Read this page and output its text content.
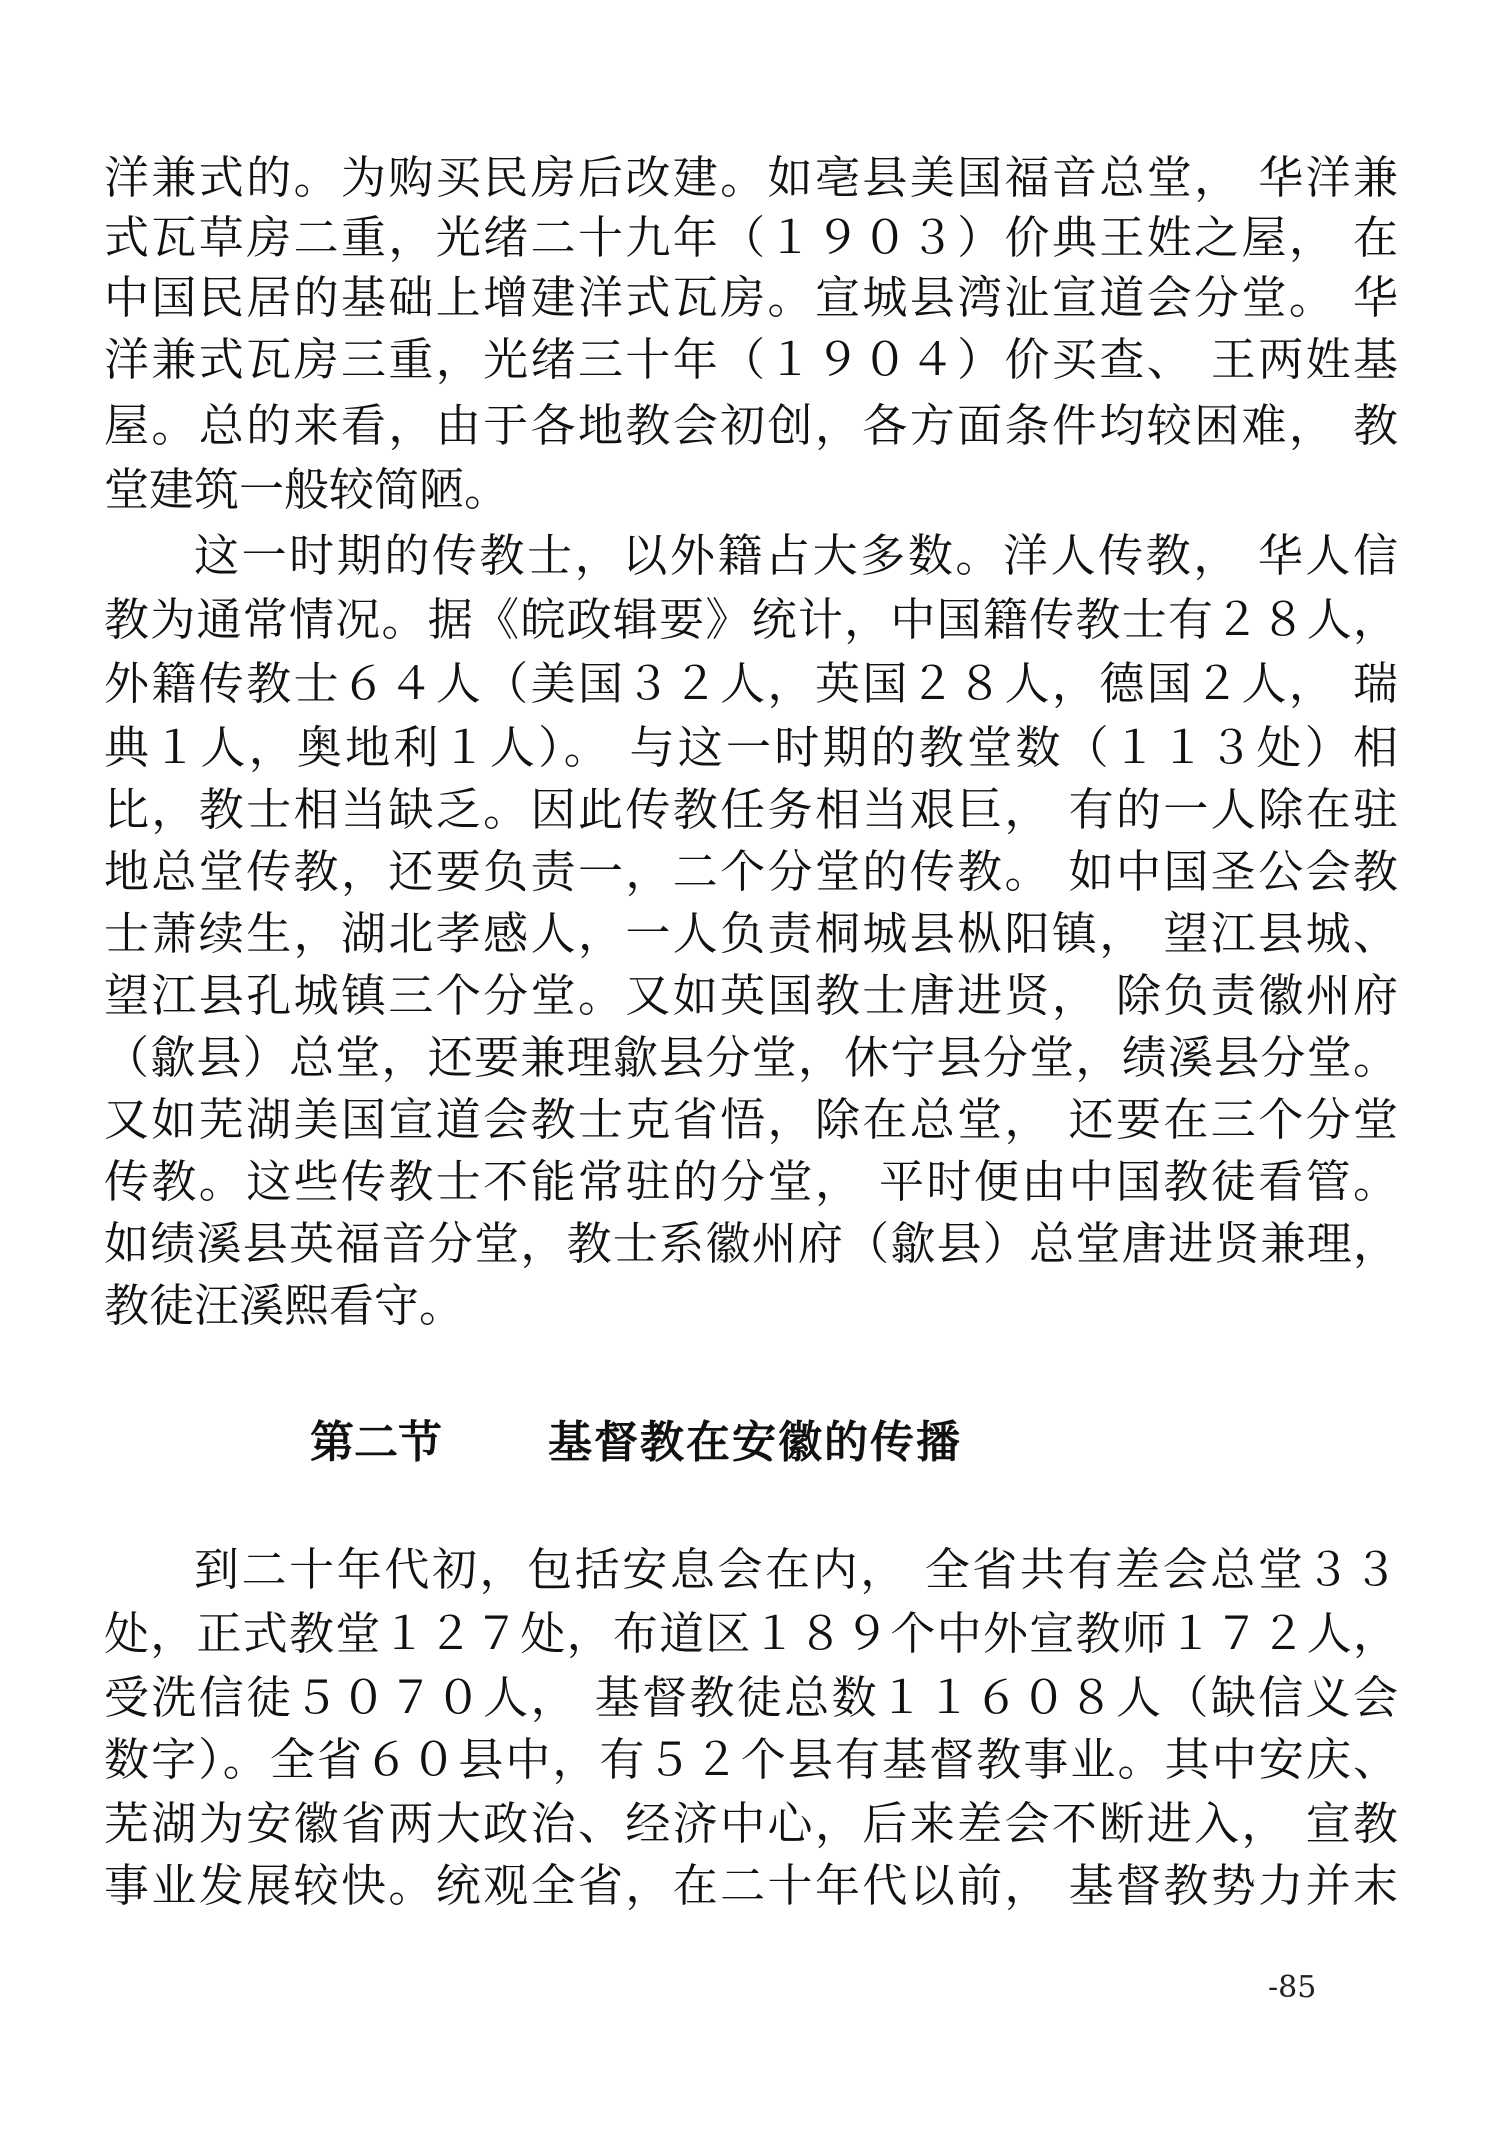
洋兼式的。为购买民房后改建。如亳县美国福音总堂， 华洋兼
式瓦草房二重，光绪二十九年（１９０３）价典王姓之屋， 在
中国民居的基础上增建洋式瓦房。宣城县湾沚宣道会分堂。 华
洋兼式瓦房三重，光绪三十年（１９０４）价买查、 王两姓基
屋。总的来看，由于各地教会初创，各方面条件均较困难， 教
堂建筑一般较简陋。
这一时期的传教士，以外籍占大多数。洋人传教， 华人信
教为通常情况。据《皖政辑要》统计，中国籍传教士有２８人，
外籍传教士６４人（美国３２人，英国２８人，德国２人， 瑞
典１人，奥地利１人）。 与这一时期的教堂数（１１３处）相
比，教士相当缺乏。因此传教任务相当艰巨， 有的一人除在驻
地总堂传教，还要负责一，二个分堂的传教。 如中国圣公会教
士萧续生，湖北孝感人，一人负责桐城县枞阳镇， 望江县城、
望江县孔城镇三个分堂。又如英国教士唐进贤， 除负责徽州府
（歙县）总堂，还要兼理歙县分堂，休宁县分堂，绩溪县分堂。
又如芜湖美国宣道会教士克省悟，除在总堂， 还要在三个分堂
传教。这些传教士不能常驻的分堂， 平时便由中国教徒看管。
如绩溪县英福音分堂，教士系徽州府（歙县）总堂唐进贤兼理，
教徒汪溪熙看守。
第二节 基督教在安徽的传播
到二十年代初，包括安息会在内， 全省共有差会总堂３３
处，正式教堂１２７处，布道区１８９个中外宣教师１７２人，
受洗信徒５０７０人， 基督教徒总数１１６０８人（缺信义会
数字）。全省６０县中，有５２个县有基督教事业。其中安庆、
芜湖为安徽省两大政治、经济中心，后来差会不断进入， 宣教
事业发展较快。统观全省，在二十年代以前， 基督教势力并末
-85
